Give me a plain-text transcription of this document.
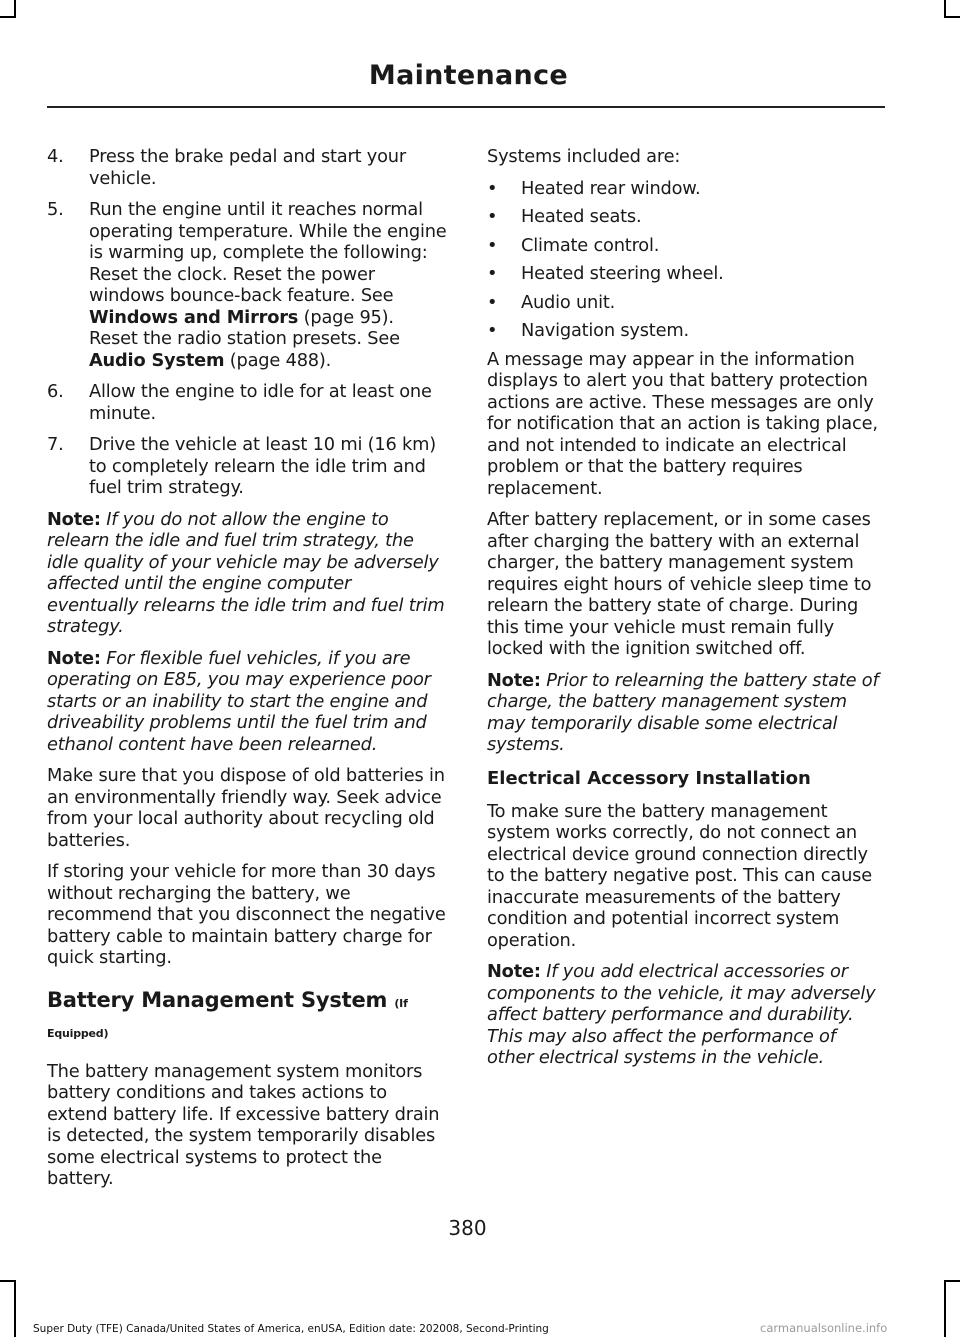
Maintenance
4.	Press the brake pedal and start your vehicle.
5.	Run the engine until it reaches normal operating temperature. While the engine is warming up, complete the following: Reset the clock. Reset the power windows bounce-back feature. See Windows and Mirrors (page 95). Reset the radio station presets. See Audio System (page 488).
6.	Allow the engine to idle for at least one minute.
7.	Drive the vehicle at least 10 mi (16 km) to completely relearn the idle trim and fuel trim strategy.

Note: If you do not allow the engine to relearn the idle and fuel trim strategy, the idle quality of your vehicle may be adversely affected until the engine computer eventually relearns the idle trim and fuel trim strategy.

Note: For flexible fuel vehicles, if you are operating on E85, you may experience poor starts or an inability to start the engine and driveability problems until the fuel trim and ethanol content have been relearned.

Make sure that you dispose of old batteries in an environmentally friendly way. Seek advice from your local authority about recycling old batteries.

If storing your vehicle for more than 30 days without recharging the battery, we recommend that you disconnect the negative battery cable to maintain battery charge for quick starting.

Battery Management System (If Equipped)

The battery management system monitors battery conditions and takes actions to extend battery life. If excessive battery drain is detected, the system temporarily disables some electrical systems to protect the battery.

Systems included are:

•	Heated rear window.
•	Heated seats.
•	Climate control.
•	Heated steering wheel.
•	Audio unit.
•	Navigation system.

A message may appear in the information displays to alert you that battery protection actions are active. These messages are only for notification that an action is taking place, and not intended to indicate an electrical problem or that the battery requires replacement.

After battery replacement, or in some cases after charging the battery with an external charger, the battery management system requires eight hours of vehicle sleep time to relearn the battery state of charge. During this time your vehicle must remain fully locked with the ignition switched off.

Note: Prior to relearning the battery state of charge, the battery management system may temporarily disable some electrical systems.

Electrical Accessory Installation

To make sure the battery management system works correctly, do not connect an electrical device ground connection directly to the battery negative post. This can cause inaccurate measurements of the battery condition and potential incorrect system operation.

Note: If you add electrical accessories or components to the vehicle, it may adversely affect battery performance and durability. This may also affect the performance of other electrical systems in the vehicle.

380
Super Duty (TFE) Canada/United States of America, enUSA, Edition date: 202008, Second-Printing	carmanualsonline.info
